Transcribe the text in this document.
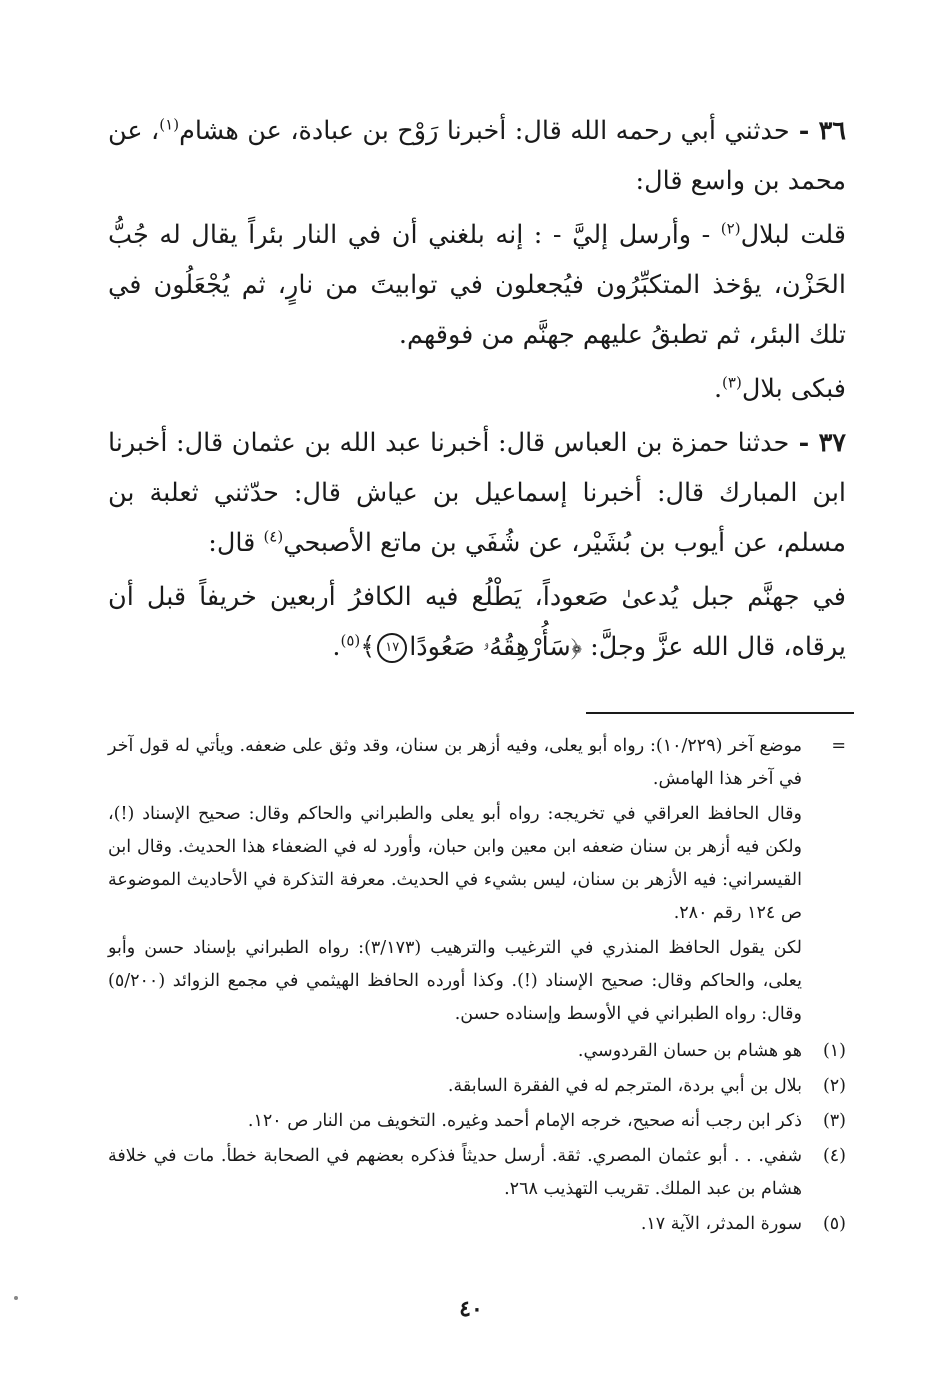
٣٦ - حدثني أبي رحمه الله قال: أخبرنا رَوْح بن عبادة، عن هشام$^{(١)}$، عن محمد بن واسع قال:

قلت لبلال$^{(٢)}$ - وأرسل إليَّ - : إنه بلغني أن في النار بئراً يقال له جُبُّ الحَزْن، يؤخذ المتكبِّرُون فيُجعلون في توابيتَ من نارٍ، ثم يُجْعَلُون في تلك البئر، ثم تطبقُ عليهم جهنَّم من فوقهم.

فبكى بلال$^{(٣)}$.

٣٧ - حدثنا حمزة بن العباس قال: أخبرنا عبد الله بن عثمان قال: أخبرنا ابن المبارك قال: أخبرنا إسماعيل بن عياش قال: حدّثني ثعلبة بن مسلم، عن أيوب بن بُشَيْر، عن شُفَي بن ماتع الأصبحي$^{(٤)}$ قال:

في جهنَّم جبل يُدعىٰ صَعوداً، يَطْلُع فيه الكافرُ أربعين خريفاً قبل أن يرقاه، قال الله عزَّ وجلَّ: ﴿سَأُرْهِقُهُۥ صَعُودًا١٧﴾$^{(٥)}$.

=

موضع آخر (١٠/٢٢٩): رواه أبو يعلى، وفيه أزهر بن سنان، وقد وثق على ضعفه. ويأتي له قول آخر في آخر هذا الهامش.

وقال الحافظ العراقي في تخريجه: رواه أبو يعلى والطبراني والحاكم وقال: صحيح الإسناد (!)، ولكن فيه أزهر بن سنان ضعفه ابن معين وابن حبان، وأورد له في الضعفاء هذا الحديث. وقال ابن القيسراني: فيه الأزهر بن سنان، ليس بشيء في الحديث. معرفة التذكرة في الأحاديث الموضوعة ص ١٢٤ رقم ٢٨٠.

لكن يقول الحافظ المنذري في الترغيب والترهيب (٣/١٧٣): رواه الطبراني بإسناد حسن وأبو يعلى، والحاكم وقال: صحيح الإسناد (!). وكذا أورده الحافظ الهيثمي في مجمع الزوائد (٥/٢٠٠) وقال: رواه الطبراني في الأوسط وإسناده حسن.

(١)
هو هشام بن حسان القردوسي.
(٢)
بلال بن أبي بردة، المترجم له في الفقرة السابقة.
(٣)
ذكر ابن رجب أنه صحيح، خرجه الإمام أحمد وغيره. التخويف من النار ص ١٢٠.
(٤)
شفي. . . أبو عثمان المصري. ثقة. أرسل حديثاً فذكره بعضهم في الصحابة خطأ. مات في خلافة هشام بن عبد الملك. تقريب التهذيب ٢٦٨.
(٥)
سورة المدثر، الآية ١٧.
٤٠
